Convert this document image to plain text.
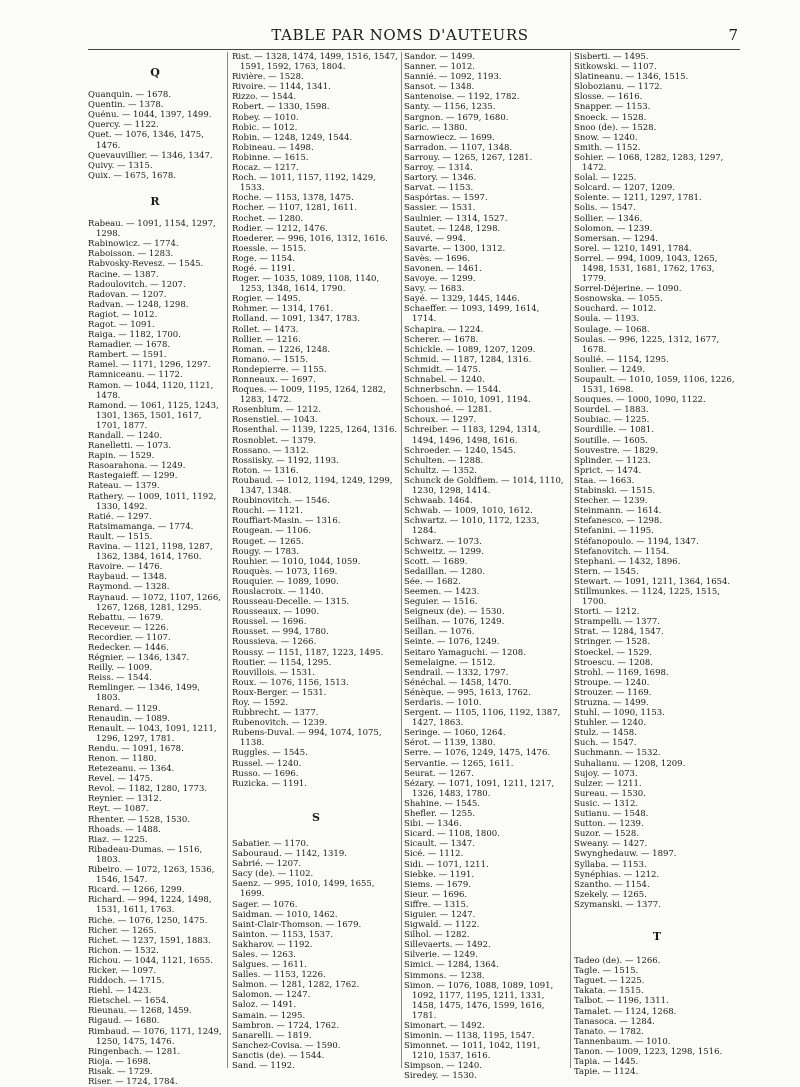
TABLE PAR NOMS D'AUTEURS	7
Q
Quanquin. — 1678.
Quentin. — 1378.
Quénu. — 1044, 1397, 1499.
Quercy. — 1122.
Quet. — 1076, 1346, 1475, 1476.
Quevauvillier. — 1346, 1347.
Quivy. — 1315.
Quix. — 1675, 1678.
R
Rabeau. — 1091, 1154, 1297, 1298.
Rabinowicz. — 1774.
Raboisson. — 1283.
Rabvosky-Revesz. — 1545.
Racine. — 1387.
Radoulovitch. — 1207.
Radovan. — 1207.
Radvan. — 1248, 1298.
Ragiot. — 1012.
Ragot. — 1091.
Raiga. — 1182, 1700.
Ramadier. — 1678.
Rambert. — 1591.
Ramel. — 1171, 1296, 1297.
Ramniceanu. — 1172.
Ramon. — 1044, 1120, 1121, 1478.
Ramond. — 1061, 1125, 1243, 1301, 1365, 1501, 1617, 1701, 1877.
Randall. — 1240.
Ranelletti. — 1073.
Rapin. — 1529.
Rasoarahona. — 1249.
Rastegaieff. — 1299.
Rateau. — 1379.
Rathery. — 1009, 1011, 1192, 1330, 1492.
Ratié. — 1297.
Ratsimamanga. — 1774.
Rault. — 1515.
Ravina. — 1121, 1198, 1287, 1362, 1384, 1614, 1760.
Ravoire. — 1476.
Raybaud. — 1348.
Raymond. — 1328.
Raynaud. — 1072, 1107, 1266, 1267, 1268, 1281, 1295.
Rebattu. — 1679.
Receveur. — 1226.
Recordier. — 1107.
Redecker. — 1446.
Régnier. — 1346, 1347.
Reilly. — 1009.
Reiss. — 1544.
Remlinger. — 1346, 1499, 1803.
Renard. — 1129.
Renaudin. — 1089.
Renault. — 1043, 1091, 1211, 1296, 1297, 1781.
Rendu. — 1091, 1678.
Renon. — 1180.
Retezeanu. — 1364.
Revel. — 1475.
Revol. — 1182, 1280, 1773.
Reynier. — 1312.
Reyt. — 1087.
Rhenter. — 1528, 1530.
Rhoads. — 1488.
Riaz. — 1225.
Ribadeau-Dumas. — 1516, 1803.
Ribeiro. — 1072, 1263, 1536, 1546, 1547.
Ricard. — 1266, 1299.
Richard. — 994, 1224, 1498, 1531, 1611, 1763.
Riche. — 1076, 1250, 1475.
Richer. — 1265.
Richet. — 1237, 1591, 1883.
Richon. — 1532.
Richou. — 1044, 1121, 1655.
Ricker. — 1097.
Riddoch. — 1715.
Riehl. — 1423.
Rietschel. — 1654.
Rieunau. — 1268, 1459.
Rigaud. — 1680.
Rimbaud. — 1076, 1171, 1249, 1250, 1475, 1476.
Ringenbach. — 1281.
Rioja. — 1698.
Risak. — 1729.
Riser. — 1724, 1784.
Rist. — 1328, 1474, 1499, 1516, 1547, 1591, 1592, 1763, 1804.
Rivière. — 1528.
Rivoire. — 1144, 1341.
Rizzo. — 1544.
Robert. — 1330, 1598.
Robey. — 1010.
Robic. — 1012.
Robin. — 1248, 1249, 1544.
Robineau. — 1498.
Robinne. — 1615.
Rocaz. — 1217.
Roch. — 1011, 1157, 1192, 1429, 1533.
Roche. — 1153, 1378, 1475.
Rocher. — 1107, 1281, 1611.
Rochet. — 1280.
Rodier. — 1212, 1476.
Roederer. — 996, 1016, 1312, 1616.
Roessle. — 1515.
Roge. — 1154.
Rogé. — 1191.
Roger. — 1035, 1089, 1108, 1140, 1253, 1348, 1614, 1790.
Rogier. — 1495.
Rohmer. — 1314, 1761.
Rolland. — 1091, 1347, 1783.
Rollet. — 1473.
Rollier. — 1216.
Roman. — 1226, 1248.
Romano. — 1515.
Rondepierre. — 1155.
Ronneaux. — 1697.
Roques. — 1009, 1195, 1264, 1282, 1283, 1472.
Rosenblum. — 1212.
Rosenstiel. — 1043.
Rosenthal. — 1139, 1225, 1264, 1316.
Rosnoblet. — 1379.
Rossano. — 1312.
Rossiisky. — 1192, 1193.
Roton. — 1316.
Roubaud. — 1012, 1194, 1249, 1299, 1347, 1348.
Roubinovitch. — 1546.
Rouchi. — 1121.
Rouffiart-Masin. — 1316.
Rougean. — 1106.
Rouget. — 1265.
Rougy. — 1783.
Rouhier. — 1010, 1044, 1059.
Rouquès. — 1073, 1169.
Rouquier. — 1089, 1090.
Rouslacroix. — 1140.
Rousseau-Decelle. — 1315.
Rousseaux. — 1090.
Roussel. — 1696.
Rousset. — 994, 1780.
Roussieva. — 1266.
Roussy. — 1151, 1187, 1223, 1495.
Routier. — 1154, 1295.
Rouvillois. — 1531.
Roux. — 1076, 1156, 1513.
Roux-Berger. — 1531.
Roy. — 1592.
Rubbrecht. — 1377.
Rubenovitch. — 1239.
Rubens-Duval. — 994, 1074, 1075, 1138.
Ruggles. — 1545.
Russel. — 1240.
Russo. — 1696.
Ruzicka. — 1191.
S
Sabatier. — 1170.
Sabouraud. — 1142, 1319.
Sabrié. — 1207.
Sacy (de). — 1102.
Saenz. — 995, 1010, 1499, 1655, 1699.
Sager. — 1076.
Saidman. — 1010, 1462.
Saint-Clair-Thomson. — 1679.
Sainton. — 1153, 1537.
Sakharov. — 1192.
Sales. — 1263.
Salgues. — 1611.
Salles. — 1153, 1226.
Salmon. — 1281, 1282, 1762.
Salomon. — 1247.
Saloz. — 1491.
Samain. — 1295.
Sambron. — 1724, 1762.
Sanarelli. — 1819.
Sanchez-Covisa. — 1590.
Sanctis (de). — 1544.
Sand. — 1192.
Sandor. — 1499.
Sanner. — 1012.
Sannié. — 1092, 1193.
Sansot. — 1348.
Santenoise. — 1192, 1782.
Santy. — 1156, 1235.
Sargnon. — 1679, 1680.
Saric. — 1380.
Sarnowiecz. — 1699.
Sarradon. — 1107, 1348.
Sarrouy. — 1265, 1267, 1281.
Sarroy. — 1314.
Sartory. — 1346.
Sarvat. — 1153.
Saspórtas. — 1597.
Sassier. — 1531.
Saulnier. — 1314, 1527.
Sautet. — 1248, 1298.
Sauvé. — 994.
Savarte. — 1300, 1312.
Savès. — 1696.
Savonen. — 1461.
Savoye. — 1299.
Savy. — 1683.
Sayé. — 1329, 1445, 1446.
Schaeffer. — 1093, 1499, 1614, 1714.
Schapira. — 1224.
Scherer. — 1678.
Schickle. — 1089, 1207, 1209.
Schmid. — 1187, 1284, 1316.
Schmidt. — 1475.
Schnabel. — 1240.
Schnerbschn. — 1544.
Schoen. — 1010, 1091, 1194.
Schoushoé. — 1281.
Schoux. — 1297.
Schreiber. — 1183, 1294, 1314, 1494, 1496, 1498, 1616.
Schroeder. — 1240, 1545.
Schulten. — 1288.
Schultz. — 1352.
Schunck de Goldfiem. — 1014, 1110, 1230, 1298, 1414.
Schwaab. 1464.
Schwab. — 1009, 1010, 1612.
Schwartz. — 1010, 1172, 1233, 1284.
Schwarz. — 1073.
Schweitz. — 1299.
Scott. — 1689.
Sedaillan. — 1280.
Sée. — 1682.
Seemen. — 1423.
Seguier. — 1516.
Seigneux (de). — 1530.
Seilhan. — 1076, 1249.
Seillan. — 1076.
Seinte. — 1076, 1249.
Seitaro Yamaguchi. — 1208.
Semelaigne. — 1512.
Sendrail. — 1332, 1797.
Sénéchal. — 1458, 1470.
Sénèque. — 995, 1613, 1762.
Serdaris. — 1010.
Sergent. — 1105, 1106, 1192, 1387, 1427, 1863.
Seringe. — 1060, 1264.
Sérot. — 1139, 1380.
Serre. — 1076, 1249, 1475, 1476.
Servantie. — 1265, 1611.
Seurat. — 1267.
Sézary. — 1071, 1091, 1211, 1217, 1326, 1483, 1780.
Shahine. — 1545.
Shefler. — 1255.
Sibi. — 1346.
Sicard. — 1108, 1800.
Sicault. — 1347.
Sicé. — 1112.
Sidi. — 1071, 1211.
Siebke. — 1191.
Siems. — 1679.
Sieur. — 1696.
Siffre. — 1315.
Siguier. — 1247.
Sigwald. — 1122.
Silhol. — 1282.
Sillevaerts. — 1492.
Silverie. — 1249.
Simici. — 1284, 1364.
Simmons. — 1238.
Simon. — 1076, 1088, 1089, 1091, 1092, 1177, 1195, 1211, 1331, 1458, 1475, 1476, 1599, 1616, 1781.
Simonart. — 1492.
Simonin. — 1138, 1195, 1547.
Simonnet. — 1011, 1042, 1191, 1210, 1537, 1616.
Simpson. — 1240.
Siredey. — 1530.
Sisberti. — 1495.
Sitkowski. — 1107.
Slatineanu. — 1346, 1515.
Slobozianu. — 1172.
Slosse. — 1616.
Snapper. — 1153.
Snoeck. — 1528.
Snoo (de). — 1528.
Snow. — 1240.
Smith. — 1152.
Sohier. — 1068, 1282, 1283, 1297, 1472.
Solal. — 1225.
Solcard. — 1207, 1209.
Solente. — 1211, 1297, 1781.
Solis. — 1547.
Sollier. — 1346.
Solomon. — 1239.
Somersan. — 1294.
Sorel. — 1210, 1491, 1784.
Sorrel. — 994, 1009, 1043, 1265, 1498, 1531, 1681, 1762, 1763, 1779.
Sorrel-Déjerine. — 1090.
Sosnowska. — 1055.
Souchard. — 1012.
Soula. — 1193.
Soulage. — 1068.
Soulas. — 996, 1225, 1312, 1677, 1678.
Soulié. — 1154, 1295.
Soulier. — 1249.
Soupault. — 1010, 1059, 1106, 1226, 1531, 1698.
Souques. — 1000, 1090, 1122.
Sourdel. — 1883.
Soubiac. — 1225.
Sourdille. — 1081.
Soutille. — 1605.
Souvestre. — 1829.
Splinder. — 1123.
Sprict. — 1474.
Staa. — 1663.
Stabinski. — 1515.
Stecher. — 1239.
Steinmann. — 1614.
Stefanesco. — 1298.
Stefanini. — 1195.
Stéfanopoulo. — 1194, 1347.
Stefanovitch. — 1154.
Stephani. — 1432, 1896.
Stern. — 1545.
Stewart. — 1091, 1211, 1364, 1654.
Stillmunkes. — 1124, 1225, 1515, 1700.
Storti. — 1212.
Strampelli. — 1377.
Strat. — 1284, 1547.
Stringer. — 1528.
Stoeckel. — 1529.
Stroescu. — 1208.
Strohl. — 1169, 1698.
Stroupe. — 1240.
Strouzer. — 1169.
Struzna. — 1499.
Stuhl. — 1090, 1153.
Stuhler. — 1240.
Stulz. — 1458.
Such. — 1547.
Suchmann. — 1532.
Suhalianu. — 1208, 1209.
Sujoy. — 1073.
Sulzer. — 1211.
Sureau. — 1530.
Susic. — 1312.
Sutianu. — 1548.
Sutton. — 1239.
Suzor. — 1528.
Sweany. — 1427.
Swynghedauw. — 1897.
Syllaba. — 1153.
Synéphias. — 1212.
Szantho. — 1154.
Szekely. — 1265.
Szymanski. — 1377.
T
Tadeo (de). — 1266.
Tagle. — 1515.
Taguet. — 1225.
Takata. — 1515.
Talbot. — 1196, 1311.
Tamalet. — 1124, 1268.
Tanasoca. — 1284.
Tanato. — 1782.
Tannenbaum. — 1010.
Tanon. — 1009, 1223, 1298, 1516.
Tapia. — 1445.
Tapie. — 1124.
